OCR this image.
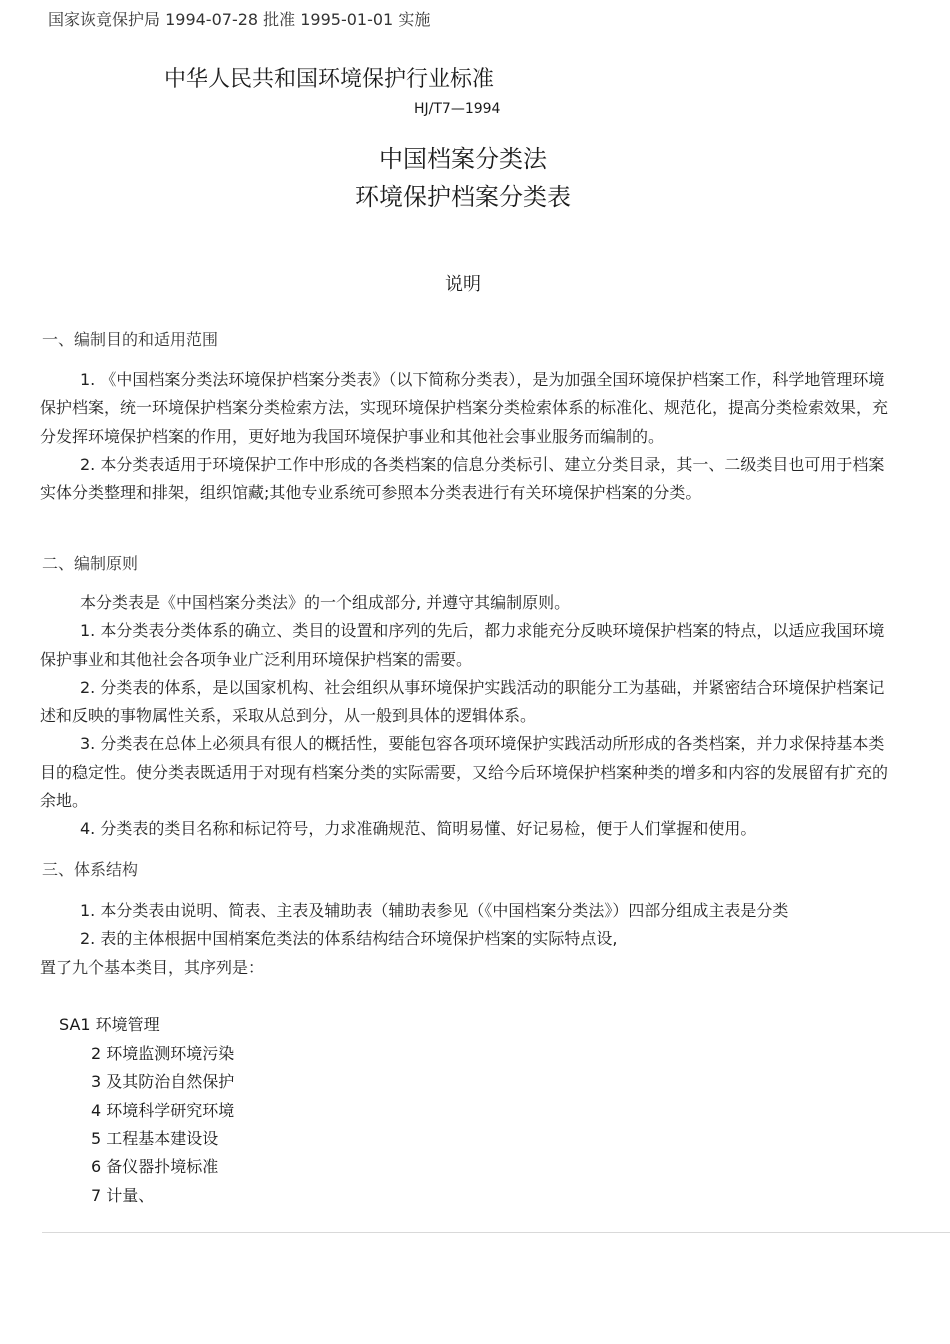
国家诙竟保护局 1994-07-28 批准 1995-01-01 实施
中华人民共和国环境保护行业标准
HJ/T7—1994
中国档案分类法
环境保护档案分类表
说明
一、编制目的和适用范围

1. 《中国档案分类法环境保护档案分类表》（以下简称分类表），是为加强全国环境保护档案工作，科学地管理环境保护档案，统一环境保护档案分类检索方法，实现环境保护档案分类检索体系的标准化、规范化，提高分类检索效果，充分发挥环境保护档案的作用，更好地为我国环境保护事业和其他社会事业服务而编制的。

2. 本分类表适用于环境保护工作中形成的各类档案的信息分类标引、建立分类目录，其一、二级类目也可用于档案实体分类整理和排架，组织馆藏;其他专业系统可参照本分类表进行有关环境保护档案的分类。

二、编制原则

本分类表是《中国档案分类法》的一个组成部分, 并遵守其编制原则。

1. 本分类表分类体系的确立、类目的设置和序列的先后，都力求能充分反映环境保护档案的特点，以适应我国环境保护事业和其他社会各项争业广泛利用环境保护档案的需要。

2. 分类表的体系，是以国家机构、社会组织从事环境保护实践活动的职能分工为基础，并紧密结合环境保护档案记述和反映的事物属性关系，采取从总到分，从一般到具体的逻辑体系。

3. 分类表在总体上必须具有很人的概括性，要能包容各项环境保护实践活动所形成的各类档案，并力求保持基本类目的稳定性。使分类表既适用于对现有档案分类的实际需要，又给今后环境保护档案种类的增多和内容的发展留有扩充的余地。

4. 分类表的类目名称和标记符号，力求准确规范、简明易懂、好记易检，便于人们掌握和使用。

三、体系结构

1. 本分类表由说明、简表、主表及辅助表（辅助表参见（《中国档案分类法》）四部分组成主表是分类

2. 表的主体根据中国梢案危类法的体系结构结合环境保护档案的实际特点设,

置了九个基本类目，其序列是：

SA1 环境管理
2 环境监测环境污染
3 及其防治自然保护
4 环境科学研究环境
5 工程基本建设设
6 备仪器扑境标准
7 计量、
